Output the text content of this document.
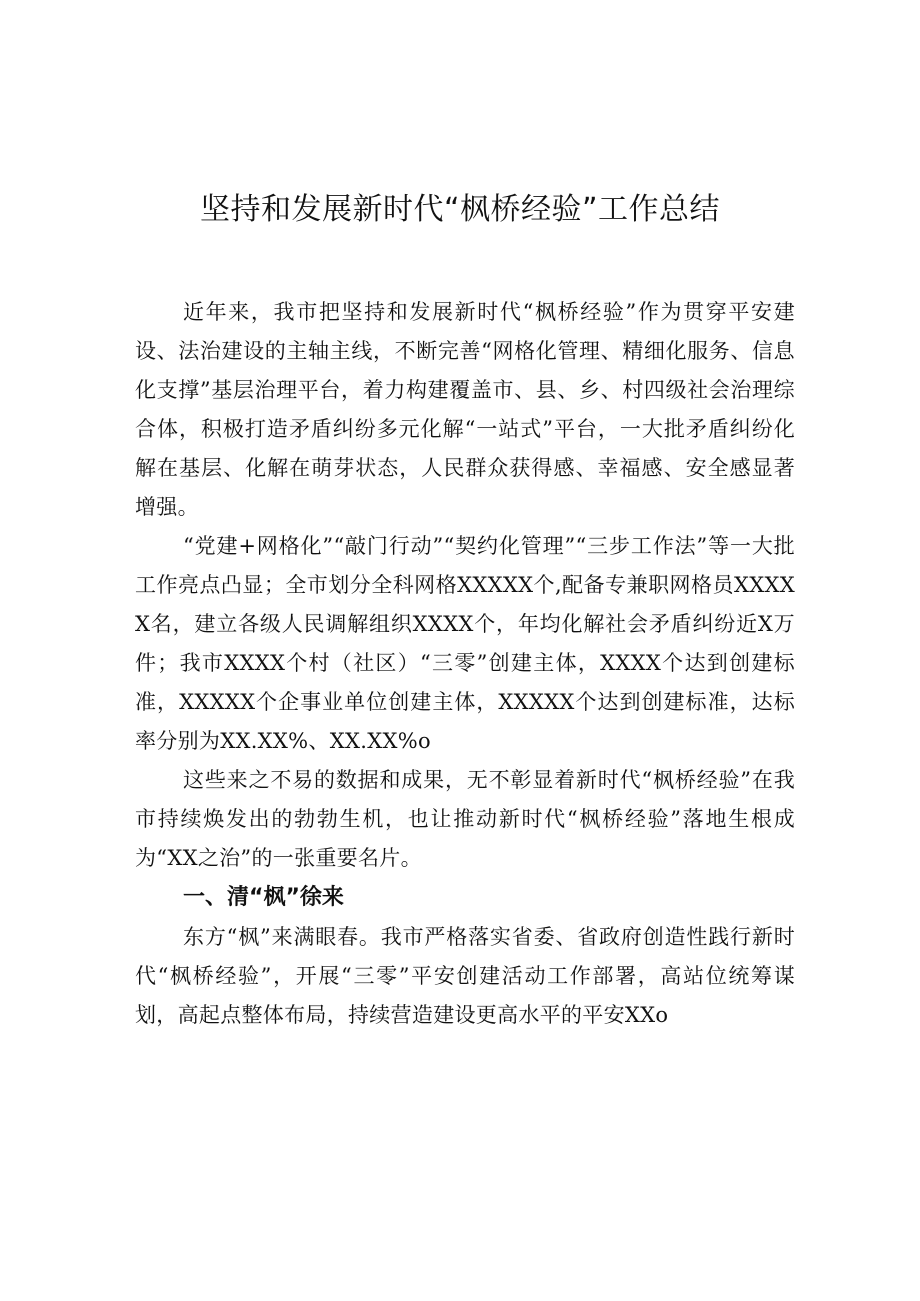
坚持和发展新时代“枫桥经验”工作总结

近年来，我市把坚持和发展新时代“枫桥经验”作为贯穿平安建设、法治建设的主轴主线，不断完善“网格化管理、精细化服务、信息化支撑”基层治理平台，着力构建覆盖市、县、乡、村四级社会治理综合体，积极打造矛盾纠纷多元化解“一站式”平台，一大批矛盾纠纷化解在基层、化解在萌芽状态，人民群众获得感、幸福感、安全感显著增强。

“党建+网格化”“敲门行动”“契约化管理”“三步工作法”等一大批工作亮点凸显；全市划分全科网格XXXXX个,配备专兼职网格员XXXXX名，建立各级人民调解组织XXXX个，年均化解社会矛盾纠纷近X万件；我市XXXX个村（社区）“三零”创建主体，XXXX个达到创建标准，XXXXX个企事业单位创建主体，XXXXX个达到创建标准，达标率分别为XX.XX%、XX.XX%o

这些来之不易的数据和成果，无不彰显着新时代“枫桥经验”在我市持续焕发出的勃勃生机，也让推动新时代“枫桥经验”落地生根成为“XX之治”的一张重要名片。

一、清“枫”徐来

东方“枫”来满眼春。我市严格落实省委、省政府创造性践行新时代“枫桥经验”，开展“三零”平安创建活动工作部署，高站位统筹谋划，高起点整体布局，持续营造建设更高水平的平安XXo
